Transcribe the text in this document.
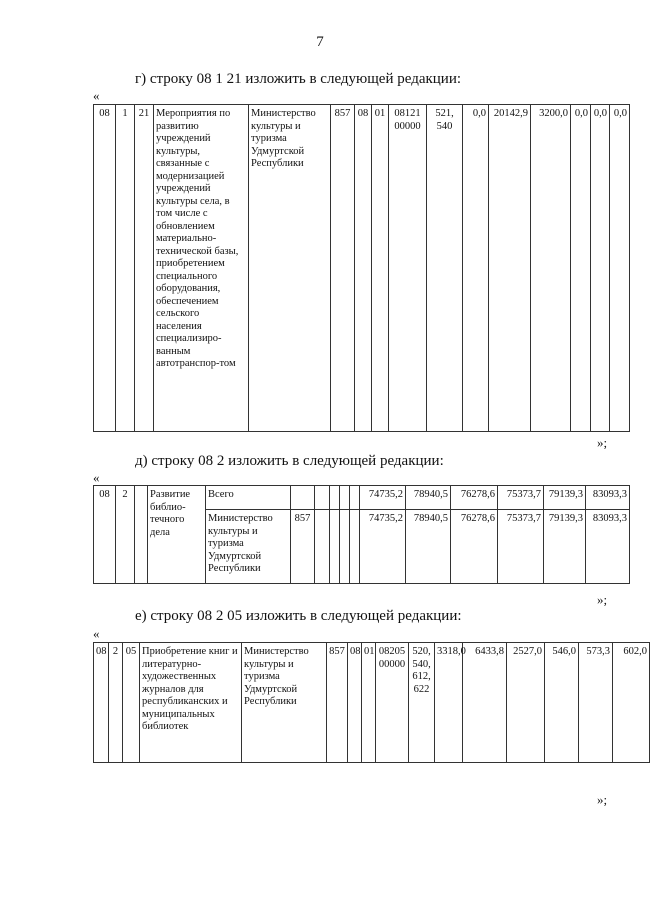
7
г) строку 08 1 21 изложить в следующей редакции:
«
08	1	21	Мероприятия по развитию учреждений культуры, связанные с модернизацией учреждений культуры села, в том числе с обновлением материально-технической базы, приобретением специального оборудования, обеспечением сельского населения специализиро-ванным автотранспор-том	Министерство культуры и туризма Удмуртской Республики	857	08	01	08121 00000	521, 540	0,0	20142,9	3200,0	0,0	0,0	0,0
»;
д) строку 08 2 изложить в следующей редакции:
«
08	2		Развитие библио-течного дела	Всего						74735,2	78940,5	76278,6	75373,7	79139,3	83093,3
				Министерство культуры и туризма Удмуртской Республики	857					74735,2	78940,5	76278,6	75373,7	79139,3	83093,3
»;
е) строку 08 2 05 изложить в следующей редакции:
«
08	2	05	Приобретение книг и литературно-художественных журналов для республиканских и муниципальных библиотек	Министерство культуры и туризма Удмуртской Республики	857	08	01	08205 00000	520, 540, 612, 622	3318,0	6433,8	2527,0	546,0	573,3	602,0
»;
